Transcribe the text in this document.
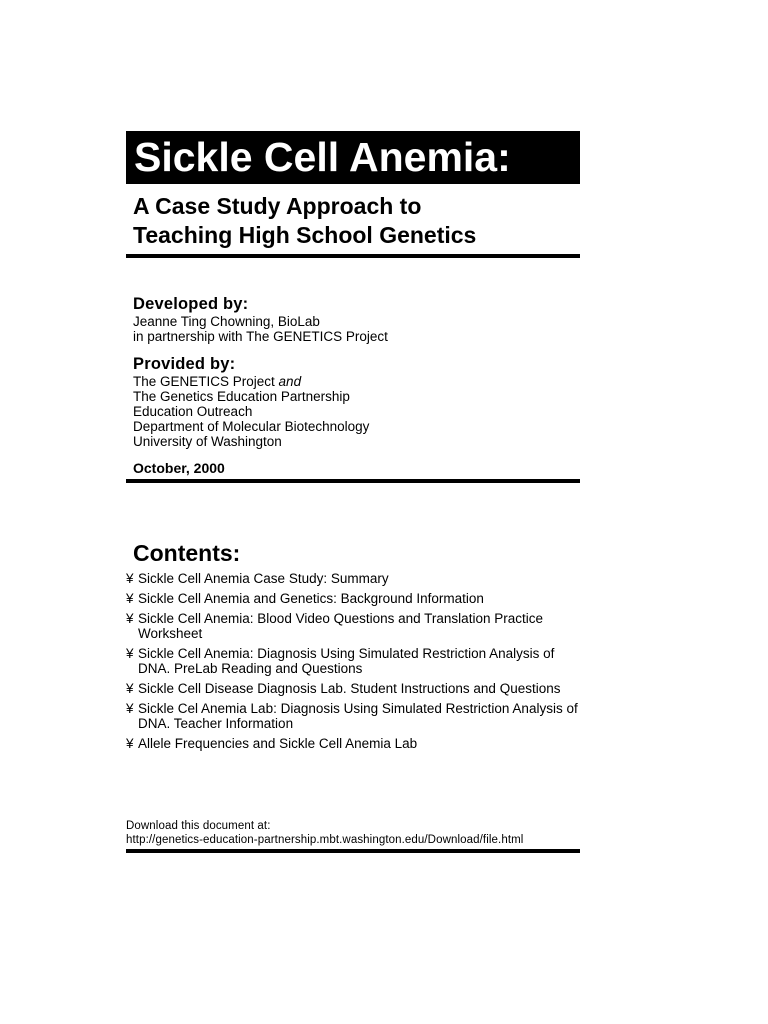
Sickle Cell Anemia:
A Case Study Approach to
Teaching High School Genetics
Developed by:
Jeanne Ting Chowning, BioLab
in partnership with The GENETICS Project
Provided by:
The GENETICS Project and
The Genetics Education Partnership
Education Outreach
Department of Molecular Biotechnology
University of Washington
October, 2000
Contents:
¥ Sickle Cell Anemia Case Study: Summary
¥ Sickle Cell Anemia and Genetics: Background Information
¥ Sickle Cell Anemia: Blood Video Questions and Translation Practice Worksheet
¥ Sickle Cell Anemia: Diagnosis Using Simulated Restriction Analysis of DNA. PreLab Reading and Questions
¥ Sickle Cell Disease Diagnosis Lab. Student Instructions and Questions
¥ Sickle Cel Anemia Lab: Diagnosis Using Simulated Restriction Analysis of DNA. Teacher Information
¥ Allele Frequencies and Sickle Cell Anemia Lab
Download this document at:
http://genetics-education-partnership.mbt.washington.edu/Download/file.html
